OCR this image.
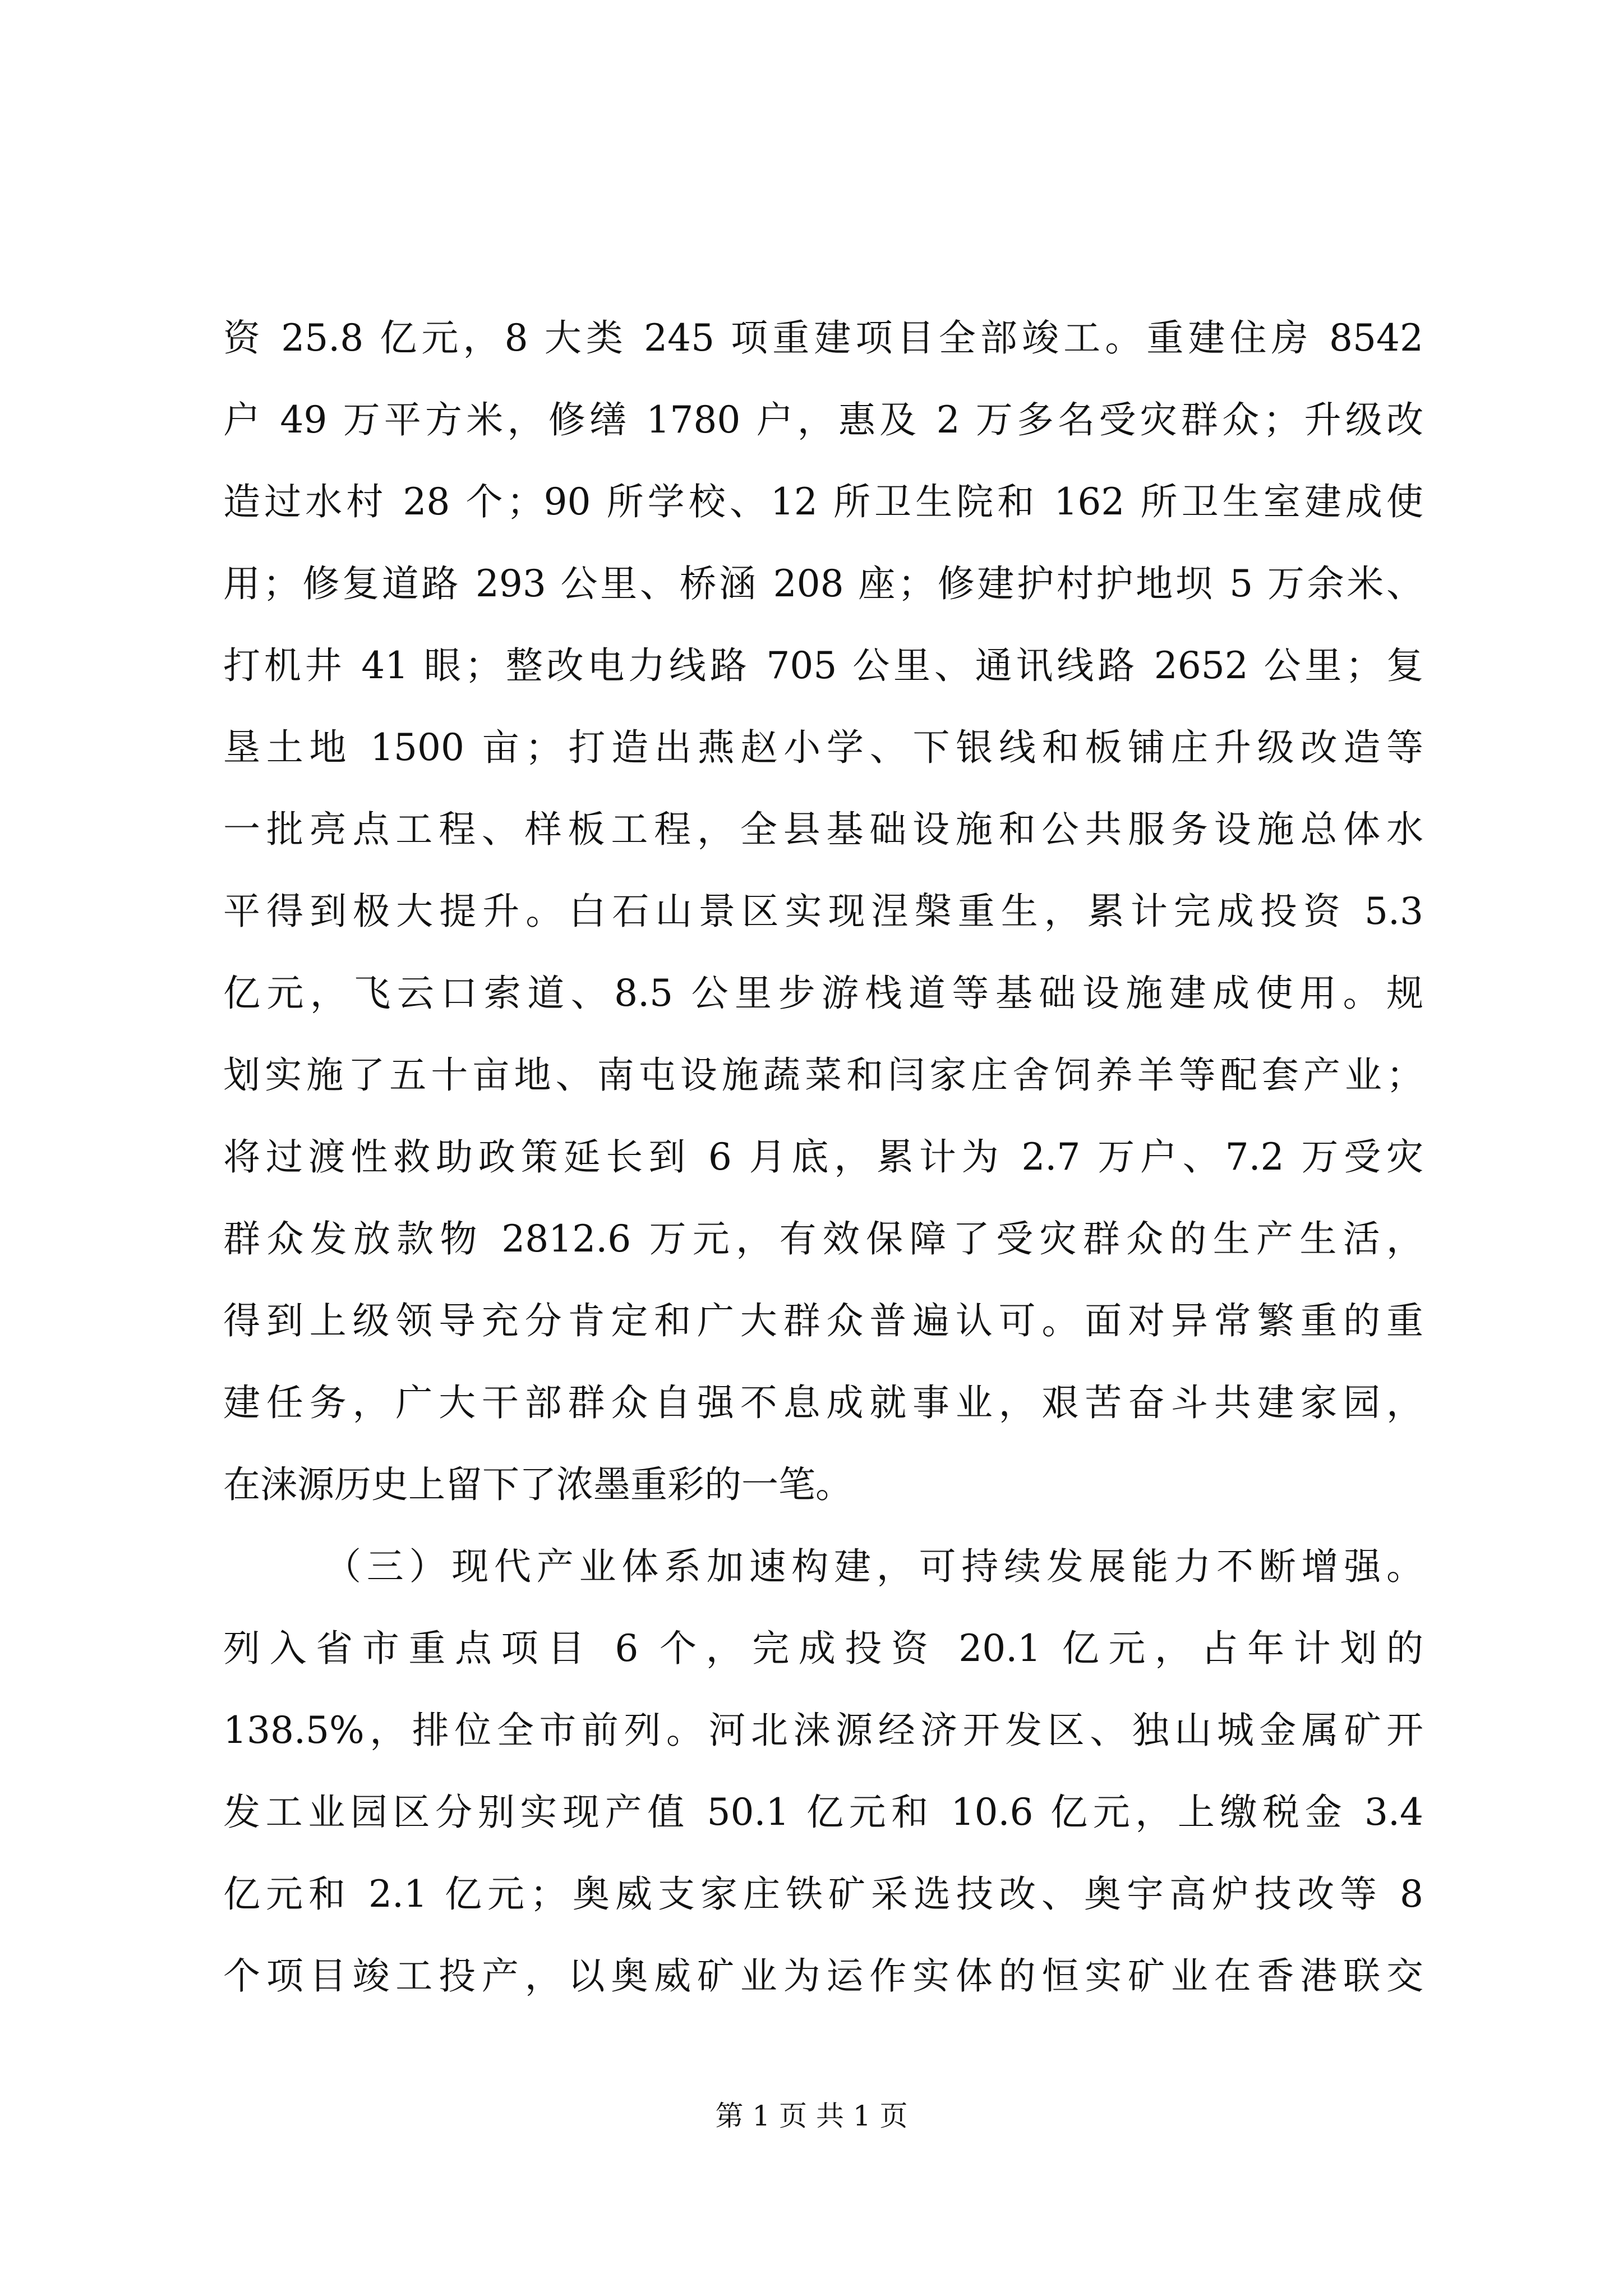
资 25.8 亿元，8 大类 245 项重建项目全部竣工。重建住房 8542
户 49 万平方米，修缮 1780 户，惠及 2 万多名受灾群众；升级改
造过水村 28 个；90 所学校、12 所卫生院和 162 所卫生室建成使
用；修复道路 293 公里、桥涵 208 座；修建护村护地坝 5 万余米、
打机井 41 眼；整改电力线路 705 公里、通讯线路 2652 公里；复
垦土地 1500 亩；打造出燕赵小学、下银线和板铺庄升级改造等
一批亮点工程、样板工程，全县基础设施和公共服务设施总体水
平得到极大提升。白石山景区实现涅槃重生，累计完成投资 5.3
亿元，飞云口索道、8.5 公里步游栈道等基础设施建成使用。规
划实施了五十亩地、南屯设施蔬菜和闫家庄舍饲养羊等配套产业；
将过渡性救助政策延长到 6 月底，累计为 2.7 万户、7.2 万受灾
群众发放款物 2812.6 万元，有效保障了受灾群众的生产生活，
得到上级领导充分肯定和广大群众普遍认可。面对异常繁重的重
建任务，广大干部群众自强不息成就事业，艰苦奋斗共建家园，
在涞源历史上留下了浓墨重彩的一笔。
（三）现代产业体系加速构建，可持续发展能力不断增强。
列入省市重点项目 6 个，完成投资 20.1 亿元，占年计划的
138.5%，排位全市前列。河北涞源经济开发区、独山城金属矿开
发工业园区分别实现产值 50.1 亿元和 10.6 亿元，上缴税金 3.4
亿元和 2.1 亿元；奥威支家庄铁矿采选技改、奥宇高炉技改等 8
个项目竣工投产，以奥威矿业为运作实体的恒实矿业在香港联交
第 1 页 共 1 页
